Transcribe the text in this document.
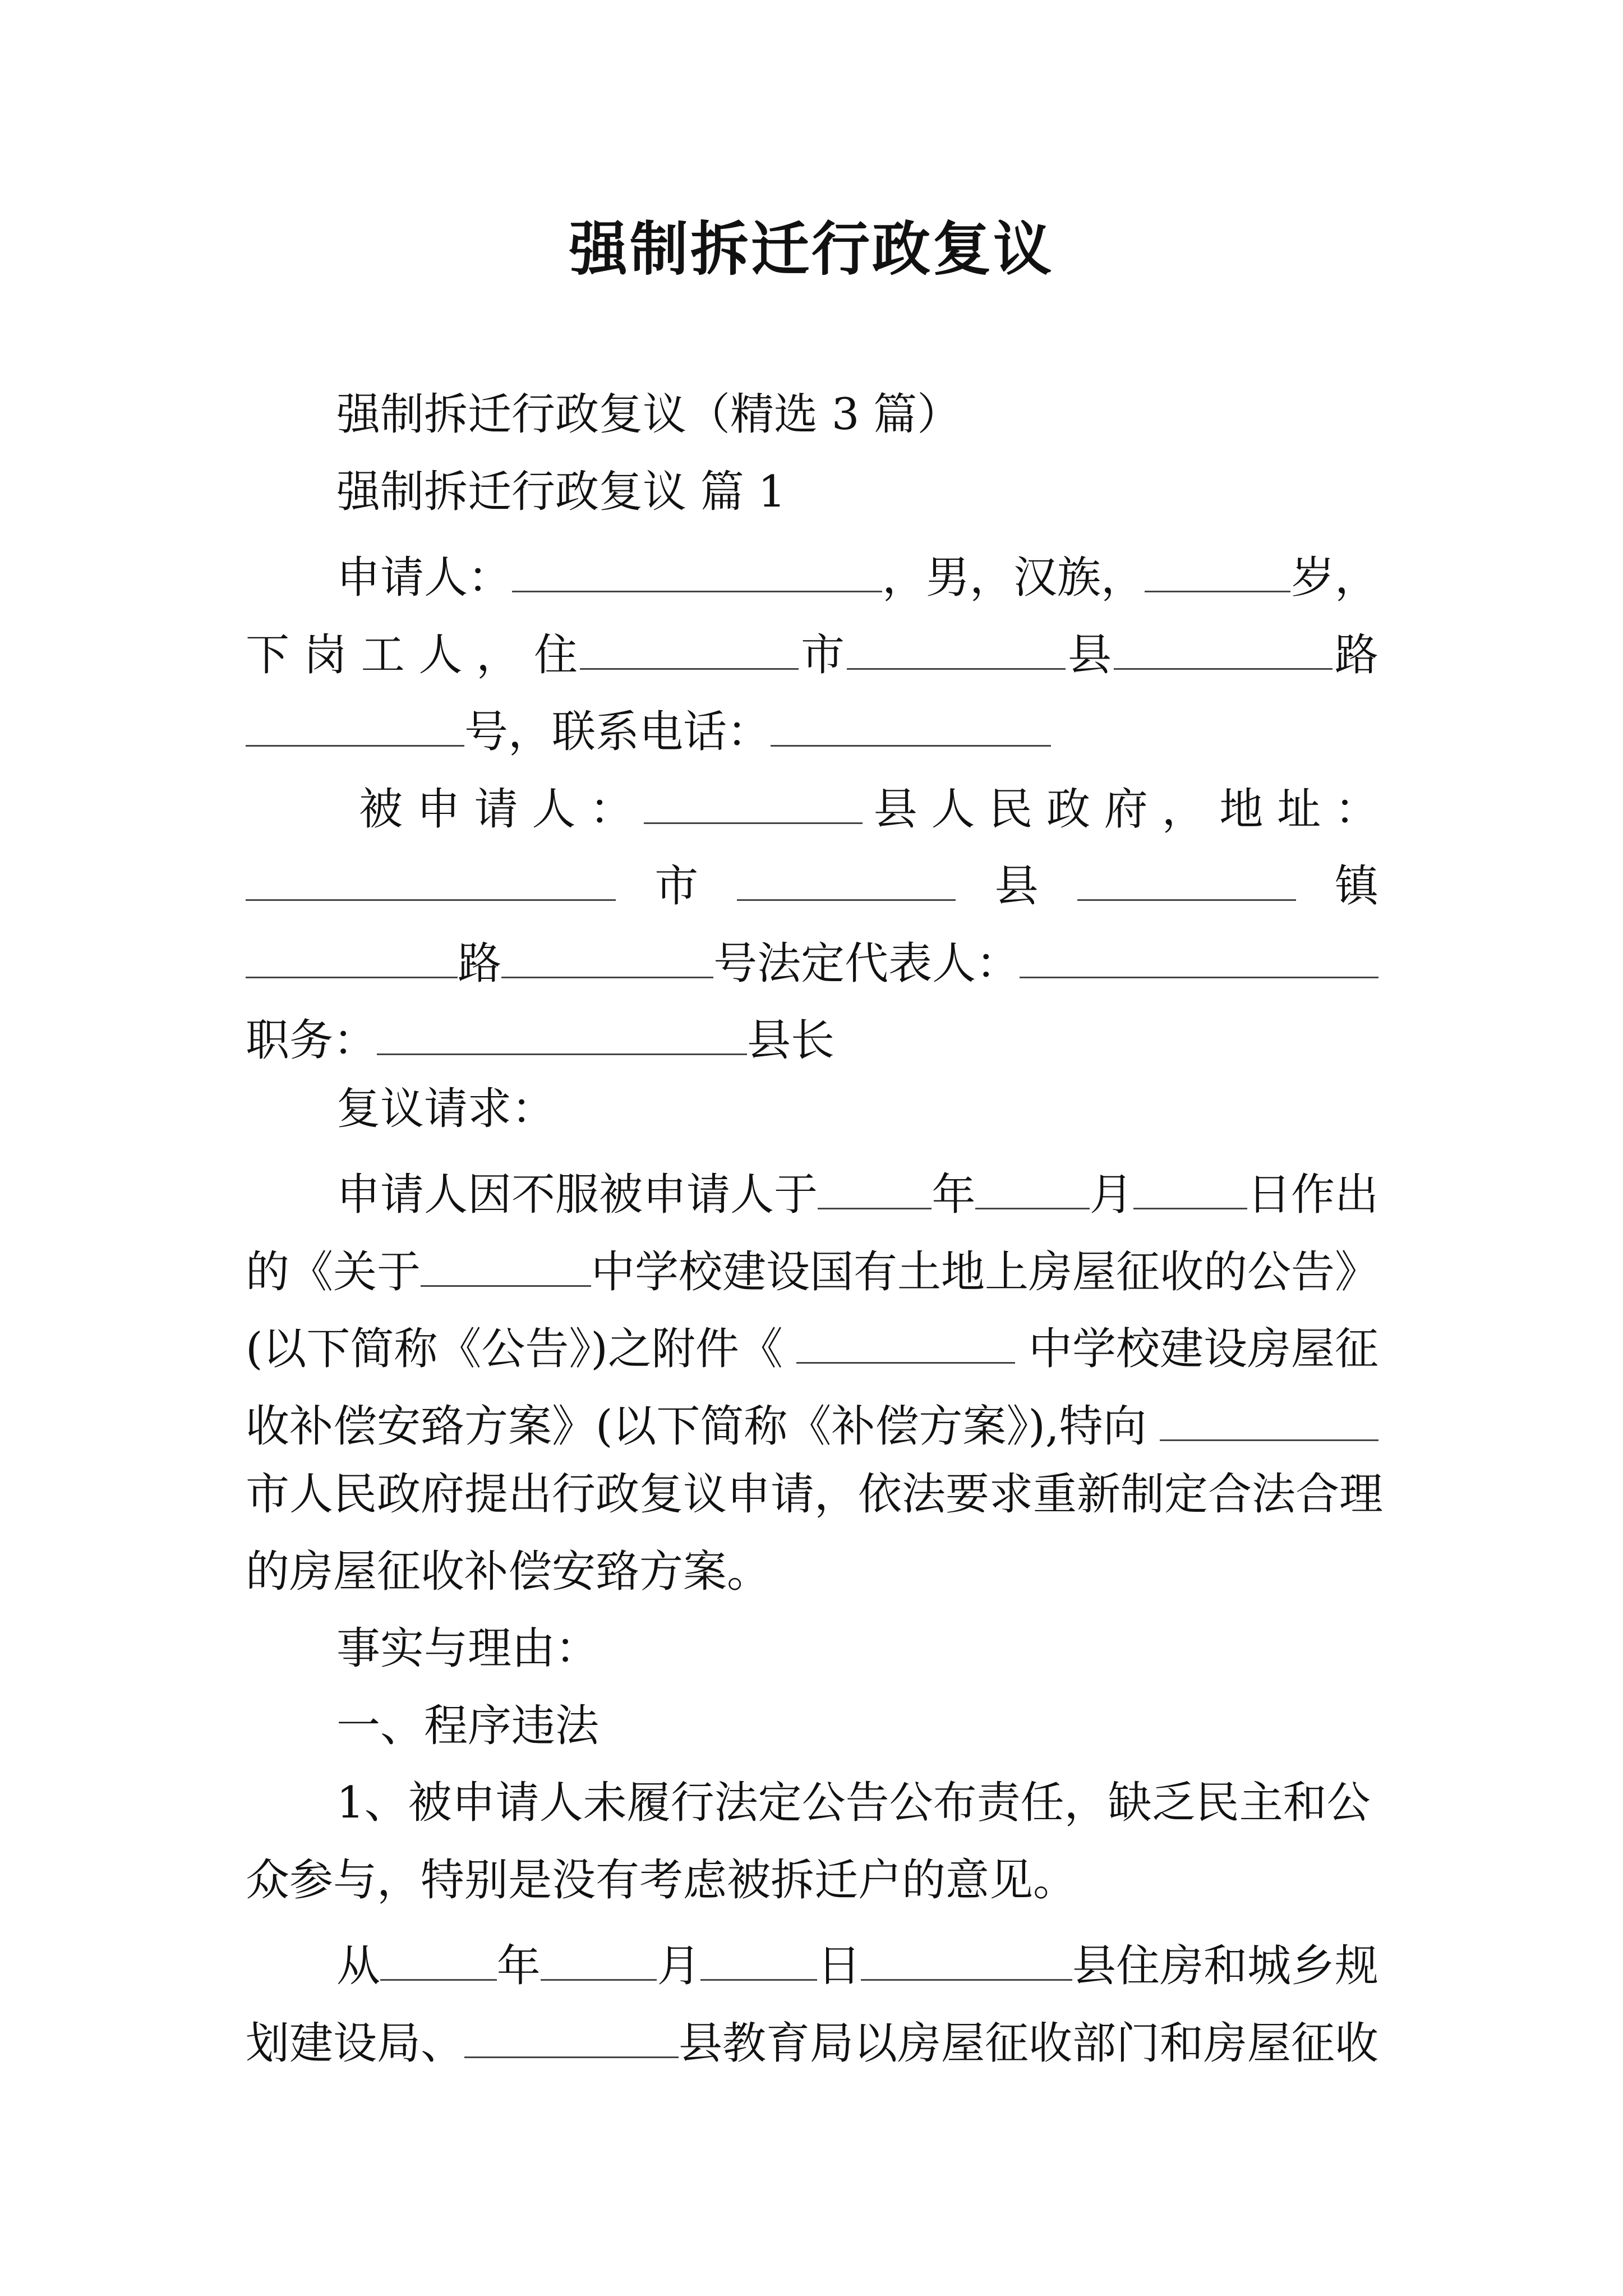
强制拆迁行政复议
强制拆迁行政复议（精选 3 篇）
强制拆迁行政复议 篇 1
申请人：	，男，汉族，	岁，
下 岗 工 人 ， 住	市	县	路
号，联系电话：
被 申 请 人 ：	县 人 民 政 府 ， 地 址 ：
市	县	镇
路	号法定代表人：
职务：	县长
复议请求：
申请人因不服被申请人于	年	月	日作出
的《关于	中学校建设国有土地上房屋征收的公告》
(以下简称《公告》)之附件《	中学校建设房屋征
收补偿安臵方案》(以下简称《补偿方案》),特向
市人民政府提出行政复议申请，依法要求重新制定合法合理
的房屋征收补偿安臵方案。
事实与理由：
一、程序违法
1、被申请人未履行法定公告公布责任，缺乏民主和公
众参与，特别是没有考虑被拆迁户的意见。
从	年	月	日	县住房和城乡规
划建设局、	县教育局以房屋征收部门和房屋征收
